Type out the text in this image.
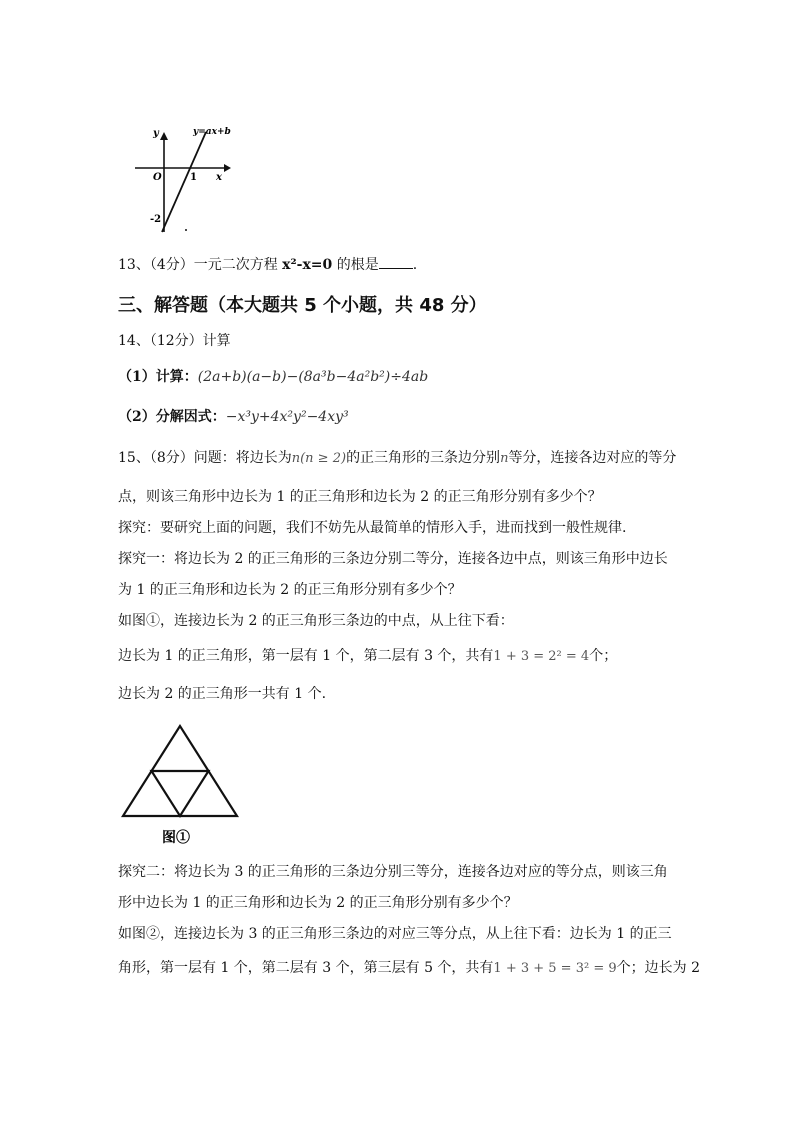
y=ax+b
y
x
O	1
-2
13、（4分）一元二次方程 x²-x=0 的根是 .
三、解答题（本大题共 5 个小题，共 48 分）
14、（12分）计算
（1）计算：(2a+b)(a−b)−(8a³b−4a²b²)÷4ab
（2）分解因式：−x³y+4x²y²−4xy³
15、（8分）问题：将边长为n(n ≥ 2)的正三角形的三条边分别n等分，连接各边对应的等分
点，则该三角形中边长为 1 的正三角形和边长为 2 的正三角形分别有多少个？
探究：要研究上面的问题，我们不妨先从最简单的情形入手，进而找到一般性规律.
探究一：将边长为 2 的正三角形的三条边分别二等分，连接各边中点，则该三角形中边长
为 1 的正三角形和边长为 2 的正三角形分别有多少个？
如图①，连接边长为 2 的正三角形三条边的中点，从上往下看：
边长为 1 的正三角形，第一层有 1 个，第二层有 3 个，共有1 + 3 = 2² = 4个；
边长为 2 的正三角形一共有 1 个.
图①
探究二：将边长为 3 的正三角形的三条边分别三等分，连接各边对应的等分点，则该三角
形中边长为 1 的正三角形和边长为 2 的正三角形分别有多少个？
如图②，连接边长为 3 的正三角形三条边的对应三等分点，从上往下看：边长为 1 的正三
角形，第一层有 1 个，第二层有 3 个，第三层有 5 个，共有1 + 3 + 5 = 3² = 9个；边长为 2
